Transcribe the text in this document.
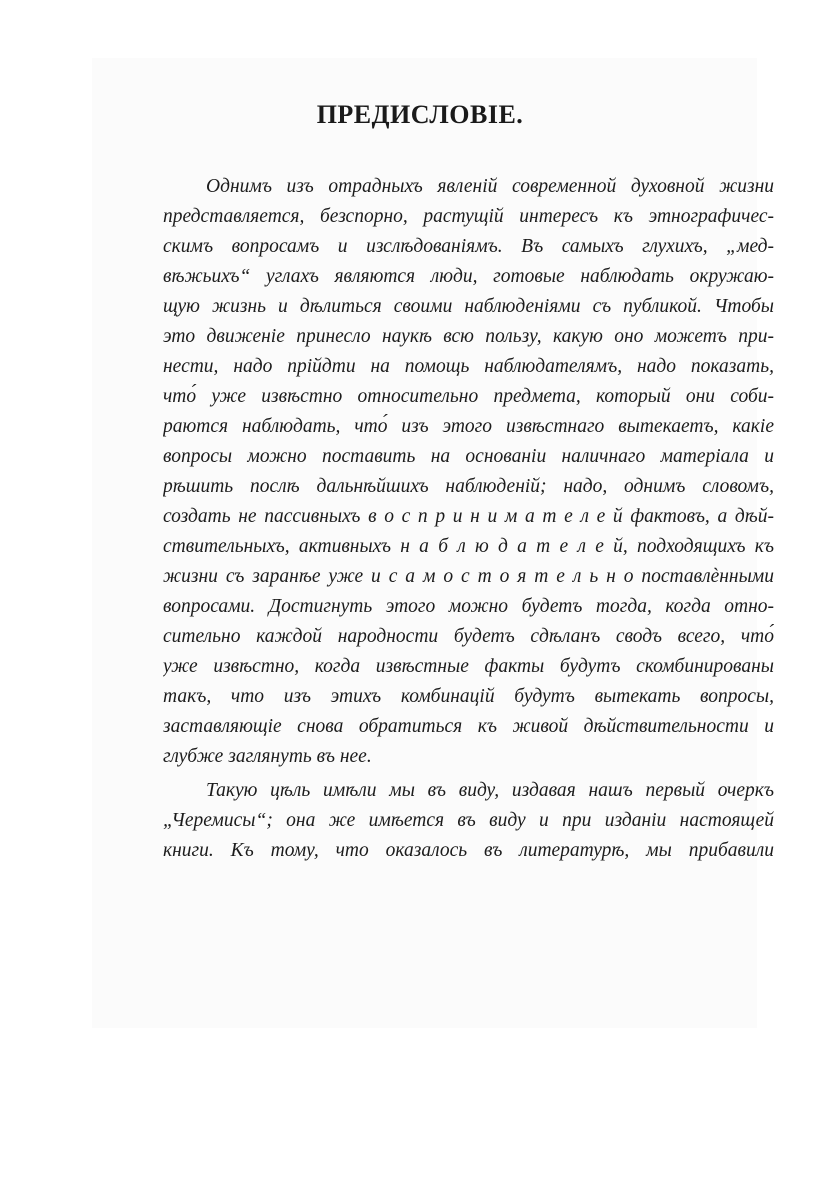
ПРЕДИСЛОВІЕ.
Однимъ изъ отрадныхъ явленій современной духовной жизни
представляется, безспорно, растущій интересъ къ этнографичес-
скимъ вопросамъ и изслѣдованіямъ. Въ самыхъ глухихъ, „мед-
вѣжьихъ“ углахъ являются люди, готовые наблюдать окружаю-
щую жизнь и дѣлиться своими наблюденіями съ публикой. Чтобы
это движеніе принесло наукѣ всю пользу, какую оно можетъ при-
нести, надо прійдти на помощь наблюдателямъ, надо показать,
что́ уже извѣстно относительно предмета, который они соби-
раются наблюдать, что́ изъ этого извѣстнаго вытекаетъ, какіе
вопросы можно поставить на основаніи наличнаго матеріала и
рѣшить послѣ дальнѣйшихъ наблюденій; надо, однимъ словомъ,
создать не пассивныхъ в о с п р и н и м а т е л е й фактовъ, а дѣй-
ствительныхъ, активныхъ н а б л ю д а т е л е й, подходящихъ къ
жизни съ заранѣе уже и с а м о с т о я т е л ь н о поставлѐнными
вопросами. Достигнуть этого можно будетъ тогда, когда отно-
сительно каждой народности будетъ сдѣланъ сводъ всего, что́
уже извѣстно, когда извѣстные факты будутъ скомбинированы
такъ, что изъ этихъ комбинацій будутъ вытекать вопросы,
заставляющіе снова обратиться къ живой дѣйствительности и
глубже заглянуть въ нее.
Такую цѣль имѣли мы въ виду, издавая нашъ первый очеркъ
„Черемисы“; она же имѣется въ виду и при изданіи настоящей
книги. Къ тому, что оказалось въ литературѣ, мы прибавили
